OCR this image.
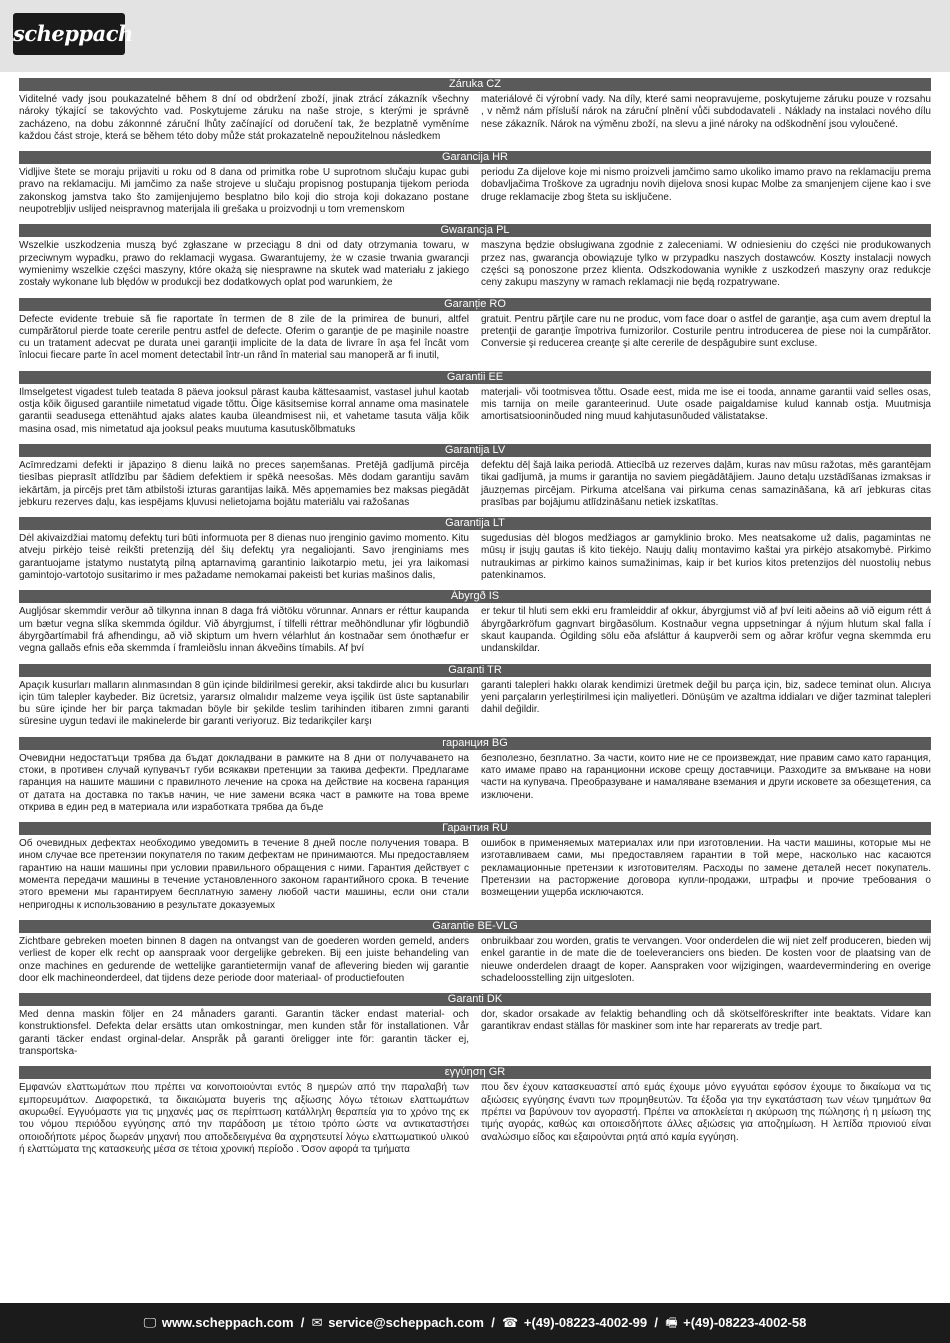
scheppach
Záruka CZ
Viditelné vady jsou poukazatelné během 8 dní od obdržení zboží, jinak ztrácí zákazník všechny nároky týkající se takovýchto vad. Poskytujeme záruku na naše stroje, s kterými je správně zacházeno, na dobu zákonnné záruční lhůty začínající od doručení tak, že bezplatně vyměníme každou část stroje, která se během této doby může stát prokazatelně nepoužitelnou následkem
materiálové či výrobní vady. Na díly, které sami neopravujeme, poskytujeme záruku pouze v rozsahu , v němž nám přísluší nárok na záruční plnění vůči subdodavateli . Náklady na instalaci nového dílu nese zákazník. Nárok na výměnu zboží, na slevu a jiné nároky na odškodnění jsou vyloučené.
Garancija HR
Vidljive štete se moraju prijaviti u roku od 8 dana od primitka robe U suprotnom slučaju kupac gubi pravo na reklamaciju. Mi jamčimo za naše strojeve u slučaju propisnog postupanja tijekom perioda zakonskog jamstva tako što zamijenjujemo besplatno bilo koji dio stroja koji dokazano postane neupotrebljiv uslijed neispravnog materijala ili grešaka u proizvodnji u tom vremenskom
periodu Za dijelove koje mi nismo proizveli jamčimo samo ukoliko imamo pravo na reklamaciju prema dobavljačima Troškove za ugradnju novih dijelova snosi kupac Molbe za smanjenjem cijene kao i sve druge reklamacije zbog šteta su isključene.
Gwarancja PL
Wszelkie uszkodzenia muszą być zgłaszane w przeciągu 8 dni od daty otrzymania towaru, w przeciwnym wypadku, prawo do reklamacji wygasa. Gwarantujemy, że w czasie trwania gwarancji wymienimy wszelkie części maszyny, które okażą się niesprawne na skutek wad materiału z jakiego zostały wykonane lub błędów w produkcji bez dodatkowych oplat pod warunkiem, że
maszyna będzie obsługiwana zgodnie z zaleceniami. W odniesieniu do części nie produkowanych przez nas, gwarancja obowiązuje tylko w przypadku naszych dostawców. Koszty instalacji nowych części są ponoszone przez klienta. Odszkodowania wynikłe z uszkodzeń maszyny oraz redukcje ceny zakupu maszyny w ramach reklamacji nie będą rozpatrywane.
Garanție RO
Defecte evidente trebuie să fie raportate în termen de 8 zile de la primirea de bunuri, altfel cumpărătorul pierde toate cererile pentru astfel de defecte. Oferim o garanţie de pe maşinile noastre cu un tratament adecvat pe durata unei garanţii implicite de la data de livrare în aşa fel încât vom înlocui fiecare parte în acel moment detectabil într-un rând în material sau manoperă ar fi inutil,
gratuit. Pentru părţile care nu ne produc, vom face doar o astfel de garanţie, aşa cum avem dreptul la pretenţii de garanţie împotriva furnizorilor. Costurile pentru introducerea de piese noi la cumpărător. Conversie şi reducerea creanţe şi alte cererile de despăgubire sunt excluse.
Garantii EE
Ilmselgetest vigadest tuleb teatada 8 päeva jooksul pärast kauba kättesaamist, vastasel juhul kaotab ostja kõik õigused garantiile nimetatud vigade tõttu. Õige käsitsemise korral anname oma masinatele garantii seadusega ettenähtud ajaks alates kauba üleandmisest nii, et vahetame tasuta välja kõik masina osad, mis nimetatud aja jooksul peaks muutuma kasutuskõlbmatuks
materjali- või tootmisvea tõttu. Osade eest, mida me ise ei tooda, anname garantii vaid selles osas, mis tarnija on meile garanteerinud. Uute osade paigaldamise kulud kannab ostja. Muutmisja amortisatsiooninõuded ning muud kahjutasunõuded välistatakse.
Garantija LV
Acīmredzami defekti ir jāpaziņo 8 dienu laikā no preces saņemšanas. Pretējā gadījumā pircēja tiesības pieprasīt atlīdzību par šādiem defektiem ir spēkā neesošas. Mēs dodam garantiju savām iekārtām, ja pircējs pret tām atbilstoši izturas garantijas laikā. Mēs apņemamies bez maksas piegādāt jebkuru rezerves daļu, kas iespējams kļuvusi nelietojama bojātu materiālu vai ražošanas
defektu dēļ šajā laika periodā. Attiecībā uz rezerves daļām, kuras nav mūsu ražotas, mēs garantējam tikai gadījumā, ja mums ir garantija no saviem piegādātājiem. Jauno detaļu uzstādīšanas izmaksas ir jāuzņemas pircējam. Pirkuma atcelšana vai pirkuma cenas samazināšana, kā arī jebkuras citas prasības par bojājumu atlīdzināšanu netiek izskatītas.
Garantija LT
Dėl akivaizdžiai matomų defektų turi būti informuota per 8 dienas nuo įrenginio gavimo momento. Kitu atveju pirkėjo teisė reikšti pretenziją dėl šių defektų yra negaliojanti. Savo įrenginiams mes garantuojame įstatymo nustatytą pilną aptarnavimą garantinio laikotarpio metu, jei yra laikomasi gamintojo-vartotojo susitarimo ir mes pažadame nemokamai pakeisti bet kurias mašinos dalis,
sugedusias dėl blogos medžiagos ar gamyklinio broko. Mes neatsakome už dalis, pagamintas ne mūsų ir įsųjų gautas iš kito tiekėjo. Naujų dalių montavimo kaštai yra pirkėjo atsakomybė. Pirkimo nutraukimas ar pirkimo kainos sumažinimas, kaip ir bet kurios kitos pretenzijos dėl nuostolių nebus patenkinamos.
Ábyrgð IS
Augljósar skemmdir verður að tilkynna innan 8 daga frá viðtöku vörunnar. Annars er réttur kaupanda um bætur vegna slíka skemmda ógildur. Við ábyrgjumst, í tilfelli réttrar meðhöndlunar yfir lögbundið ábyrgðartímabil frá afhendingu, að við skiptum um hvern vélarhlut án kostnaðar sem ónothæfur er vegna gallaðs efnis eða skemmda í framleiðslu innan ákveðins tímabils. Af því
er tekur til hluti sem ekki eru framleiddir af okkur, ábyrgjumst við af því leiti aðeins að við eigum rétt á ábyrgðarkröfum gagnvart birgðasölum. Kostnaður vegna uppsetningar á nýjum hlutum skal falla í skaut kaupanda. Ógilding sölu eða afsláttur á kaupverði sem og aðrar kröfur vegna skemmda eru undanskildar.
Garanti TR
Apaçık kusurları malların alınmasından 8 gün içinde bildirilmesi gerekir, aksi takdirde alıcı bu kusurları için tüm talepler kaybeder. Biz ücretsiz, yararsız olmalıdır malzeme veya işçilik üst üste saptanabilir bu süre içinde her bir parça takmadan böyle bir şekilde teslim tarihinden itibaren zımni garanti süresine uygun tedavi ile makinelerde bir garanti veriyoruz. Biz tedarikçiler karşı
garanti talepleri hakkı olarak kendimizi üretmek değil bu parça için, biz, sadece teminat olun. Alıcıya yeni parçaların yerleştirilmesi için maliyetleri. Dönüşüm ve azaltma iddiaları ve diğer tazminat talepleri dahil değildir.
гаранция BG
Очевидни недостатъци трябва да бъдат докладвани в рамките на 8 дни от получаването на стоки, в противен случай купувачът губи всякакви претенции за такива дефекти. Предлагаме гаранция на нашите машини с правилното лечение на срока на действие на косвена гаранция от датата на доставка по такъв начин, че ние замени всяка част в рамките на това време открива в един ред в материала или изработката трябва да бъде
безполезно, безплатно. За части, които ние не се произвеждат, ние правим само като гаранция, като имаме право на гаранционни искове срещу доставчици. Разходите за вмъкване на нови части на купувача. Преобразуване и намаляване вземания и други исковете за обезщетения, са изключени.
Гарантия RU
Об очевидных дефектах необходимо уведомить в течение 8 дней после получения товара. В ином случае все претензии покупателя по таким дефектам не принимаются. Мы предоставляем гарантию на наши машины при условии правильного обращения с ними. Гарантия действует с момента передачи машины в течение установленного законом гарантийного срока. В течение этого времени мы гарантируем бесплатную замену любой части машины, если они стали непригодны к использованию в результате доказуемых
ошибок в применяемых материалах или при изготовлении. На части машины, которые мы не изготавливаем сами, мы предоставляем гарантии в той мере, насколько нас касаются рекламационные претензии к изготовителям. Расходы по замене деталей несет покупатель. Претензии на расторжение договора купли-продажи, штрафы и прочие требования о возмещении ущерба исключаются.
Garantie BE-VLG
Zichtbare gebreken moeten binnen 8 dagen na ontvangst van de goederen worden gemeld, anders verliest de koper elk recht op aanspraak voor dergelijke gebreken. Bij een juiste behandeling van onze machines en gedurende de wettelijke garantietermijn vanaf de aflevering bieden wij garantie door elk machineonderdeel, dat tijdens deze periode door materiaal- of productiefouten
onbruikbaar zou worden, gratis te vervangen. Voor onderdelen die wij niet zelf produceren, bieden wij enkel garantie in de mate die de toeleveranciers ons bieden. De kosten voor de plaatsing van de nieuwe onderdelen draagt de koper. Aanspraken voor wijzigingen, waardevermindering en overige schadeloosstelling zijn uitgesloten.
Garanti DK
Med denna maskin följer en 24 månaders garanti. Garantin täcker endast material- och konstruktionsfel. Defekta delar ersätts utan omkostningar, men kunden står för installationen. Vår garanti täcker endast orginal-delar. Anspråk på garanti öreligger inte för: garantin täcker ej, transportska-
dor, skador orsakade av felaktig behandling och då skötselföreskrifter inte beaktats. Vidare kan garantikrav endast ställas för maskiner som inte har reparerats av tredje part.
εγγύηση GR
Εμφανών ελαττωμάτων που πρέπει να κοινοποιούνται εντός 8 ημερών από την παραλαβή των εμπορευμάτων. Διαφορετικά, τα δικαιώματα buyeris της αξίωσης λόγω τέτοιων ελαττωμάτων ακυρωθεί. Εγγυόμαστε για τις μηχανές μας σε περίπτωση κατάλληλη θεραπεία για το χρόνο της εκ του νόμου περιόδου εγγύησης από την παράδοση με τέτοιο τρόπο ώστε να αντικαταστήσει οποιοδήποτε μέρος δωρεάν μηχανή που αποδεδειγμένα θα αχρηστευτεί λόγω ελαττωματικού υλικού ή ελαττώματα της κατασκευής μέσα σε τέτοια χρονική περίοδο . Όσον αφορά τα τμήματα
που δεν έχουν κατασκευαστεί από εμάς έχουμε μόνο εγγυάται εφόσον έχουμε το δικαίωμα να τις αξιώσεις εγγύησης έναντι των προμηθευτών. Τα έξοδα για την εγκατάσταση των νέων τμημάτων θα πρέπει να βαρύνουν τον αγοραστή. Πρέπει να αποκλείεται η ακύρωση της πώλησης ή η μείωση της τιμής αγοράς, καθώς και οποιεσδήποτε άλλες αξιώσεις για αποζημίωση. Η λεπίδα πριονιού είναι αναλώσιμο είδος και εξαιρούνται ρητά από καμία εγγύηση.
🖵 www.scheppach.com  /  ✉ service@scheppach.com  /  ☎ +(49)-08223-4002-99  /  🖷 +(49)-08223-4002-58
